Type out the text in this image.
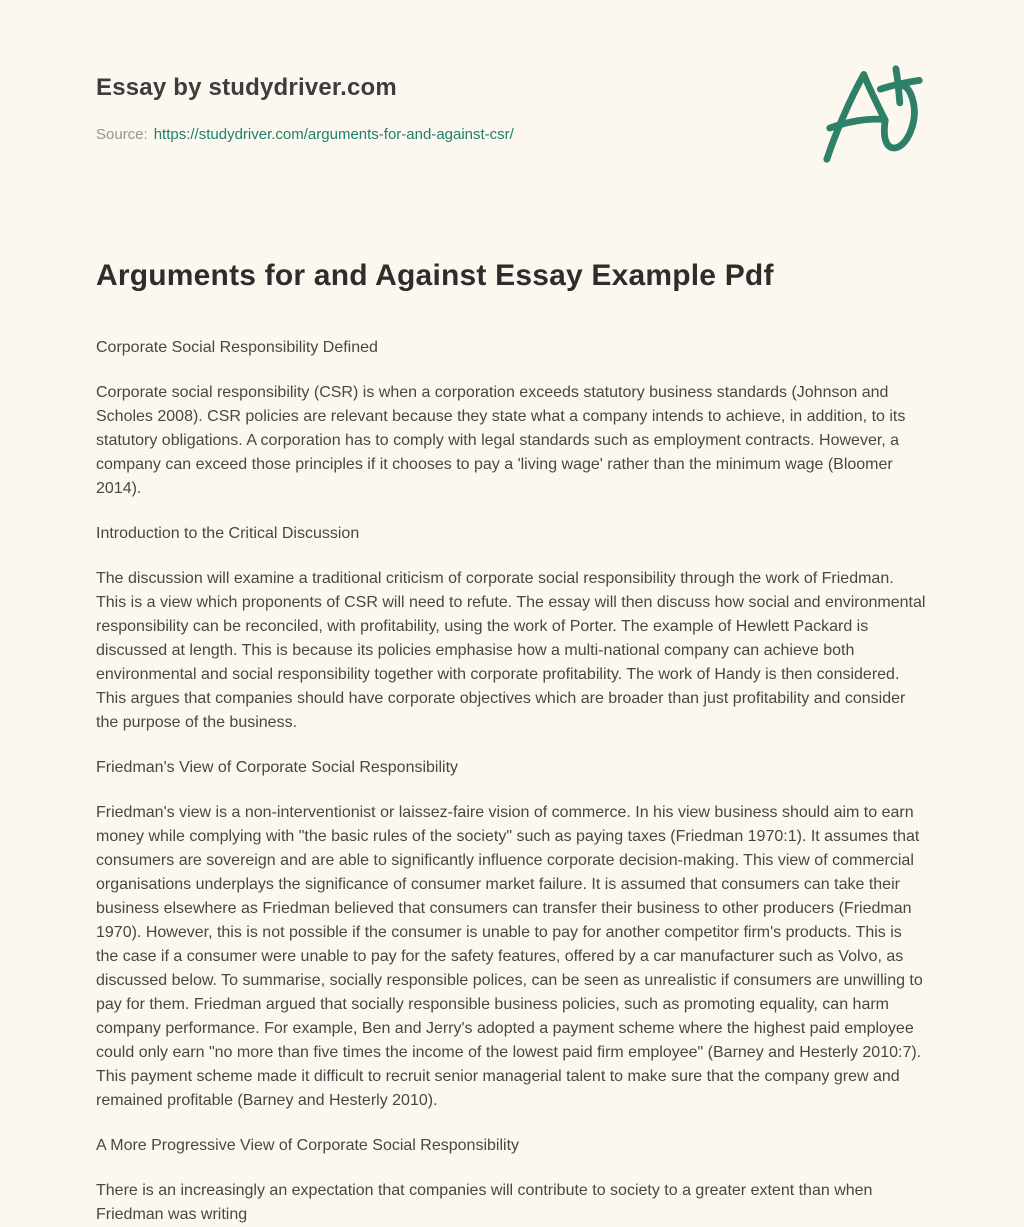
Essay by studydriver.com
Source: https://studydriver.com/arguments-for-and-against-csr/
Arguments for and Against Essay Example Pdf
Corporate Social Responsibility Defined

Corporate social responsibility (CSR) is when a corporation exceeds statutory business standards (Johnson and Scholes 2008). CSR policies are relevant because they state what a company intends to achieve, in addition, to its statutory obligations. A corporation has to comply with legal standards such as employment contracts. However, a company can exceed those principles if it chooses to pay a 'living wage' rather than the minimum wage (Bloomer 2014).

Introduction to the Critical Discussion

The discussion will examine a traditional criticism of corporate social responsibility through the work of Friedman. This is a view which proponents of CSR will need to refute. The essay will then discuss how social and environmental responsibility can be reconciled, with profitability, using the work of Porter. The example of Hewlett Packard is discussed at length. This is because its policies emphasise how a multi-national company can achieve both environmental and social responsibility together with corporate profitability. The work of Handy is then considered. This argues that companies should have corporate objectives which are broader than just profitability and consider the purpose of the business.

Friedman's View of Corporate Social Responsibility

Friedman's view is a non-interventionist or laissez-faire vision of commerce. In his view business should aim to earn money while complying with "the basic rules of the society" such as paying taxes (Friedman 1970:1). It assumes that consumers are sovereign and are able to significantly influence corporate decision-making. This view of commercial organisations underplays the significance of consumer market failure. It is assumed that consumers can take their business elsewhere as Friedman believed that consumers can transfer their business to other producers (Friedman 1970). However, this is not possible if the consumer is unable to pay for another competitor firm's products. This is the case if a consumer were unable to pay for the safety features, offered by a car manufacturer such as Volvo, as discussed below. To summarise, socially responsible polices, can be seen as unrealistic if consumers are unwilling to pay for them. Friedman argued that socially responsible business policies, such as promoting equality, can harm company performance. For example, Ben and Jerry's adopted a payment scheme where the highest paid employee could only earn "no more than five times the income of the lowest paid firm employee" (Barney and Hesterly 2010:7). This payment scheme made it difficult to recruit senior managerial talent to make sure that the company grew and remained profitable (Barney and Hesterly 2010).

A More Progressive View of Corporate Social Responsibility

There is an increasingly an expectation that companies will contribute to society to a greater extent than when Friedman was writing
